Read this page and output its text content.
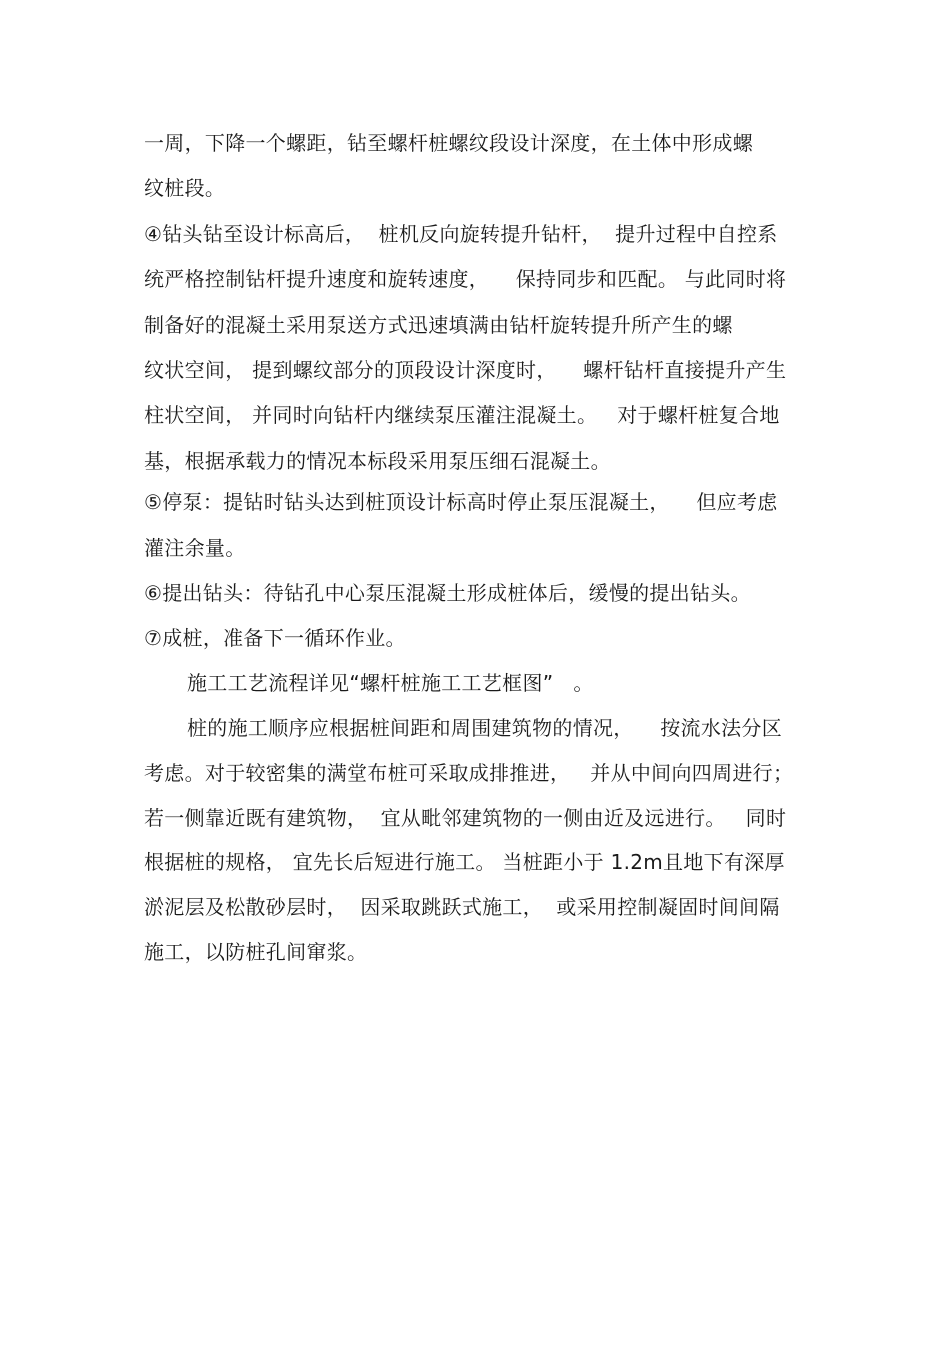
一周，下降一个螺距，钻至螺杆桩螺纹段设计深度，在土体中形成螺
纹桩段。
④钻头钻至设计标高后，  桩机反向旋转提升钻杆，  提升过程中自控系
统严格控制钻杆提升速度和旋转速度，    保持同步和匹配。 与此同时将
制备好的混凝土采用泵送方式迅速填满由钻杆旋转提升所产生的螺
纹状空间， 提到螺纹部分的顶段设计深度时，    螺杆钻杆直接提升产生
柱状空间， 并同时向钻杆内继续泵压灌注混凝土。   对于螺杆桩复合地
基，根据承载力的情况本标段采用泵压细石混凝土。
⑤停泵：提钻时钻头达到桩顶设计标高时停止泵压混凝土，    但应考虑
灌注余量。
⑥提出钻头：待钻孔中心泵压混凝土形成桩体后，缓慢的提出钻头。
⑦成桩，准备下一循环作业。
施工工艺流程详见“螺杆桩施工工艺框图”   。
桩的施工顺序应根据桩间距和周围建筑物的情况，    按流水法分区
考虑。对于较密集的满堂布桩可采取成排推进，   并从中间向四周进行；
若一侧靠近既有建筑物，  宜从毗邻建筑物的一侧由近及远进行。   同时
根据桩的规格， 宜先长后短进行施工。 当桩距小于 1.2m且地下有深厚
淤泥层及松散砂层时，  因采取跳跃式施工，  或采用控制凝固时间间隔
施工，以防桩孔间窜浆。
